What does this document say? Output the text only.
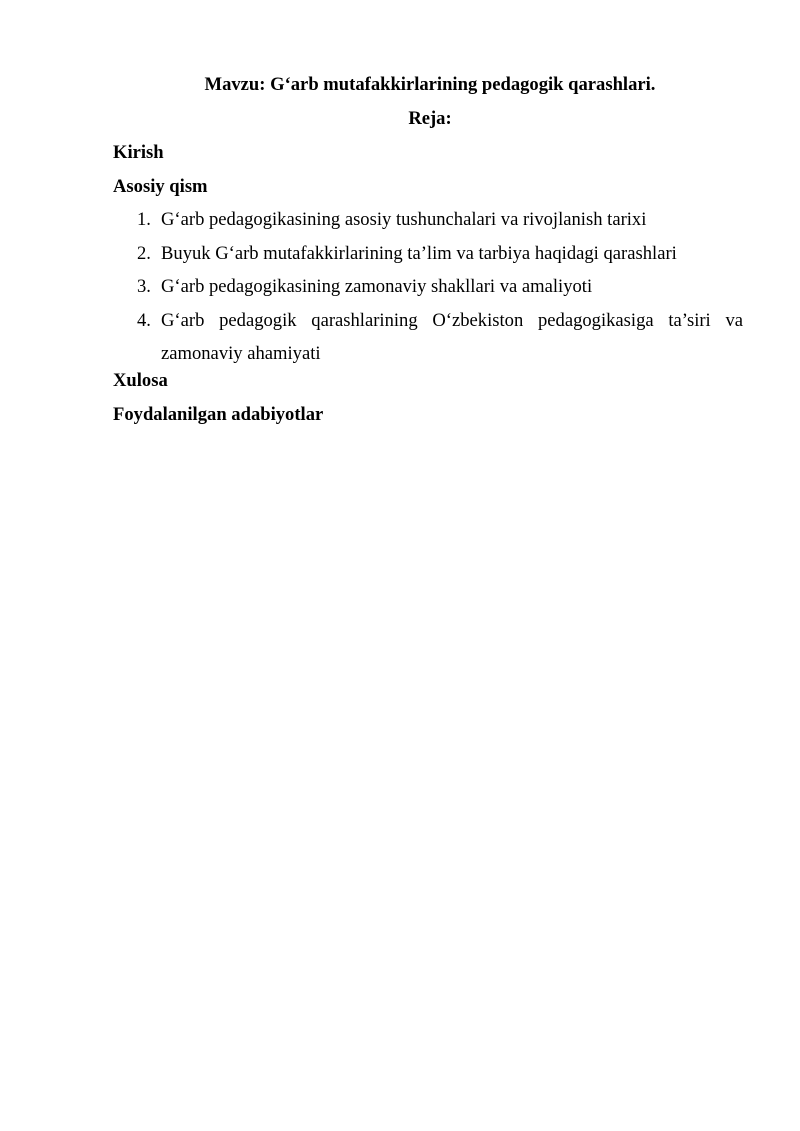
Mavzu: G‘arb mutafakkirlarining pedagogik qarashlari.

Reja:

Kirish

Asosiy qism

1. G‘arb pedagogikasining asosiy tushunchalari va rivojlanish tarixi
2. Buyuk G‘arb mutafakkirlarining ta’lim va tarbiya haqidagi qarashlari
3. G‘arb pedagogikasining zamonaviy shakllari va amaliyoti
4. G‘arb pedagogik qarashlarining O‘zbekiston pedagogikasiga ta’siri va zamonaviy ahamiyati

Xulosa

Foydalanilgan adabiyotlar
